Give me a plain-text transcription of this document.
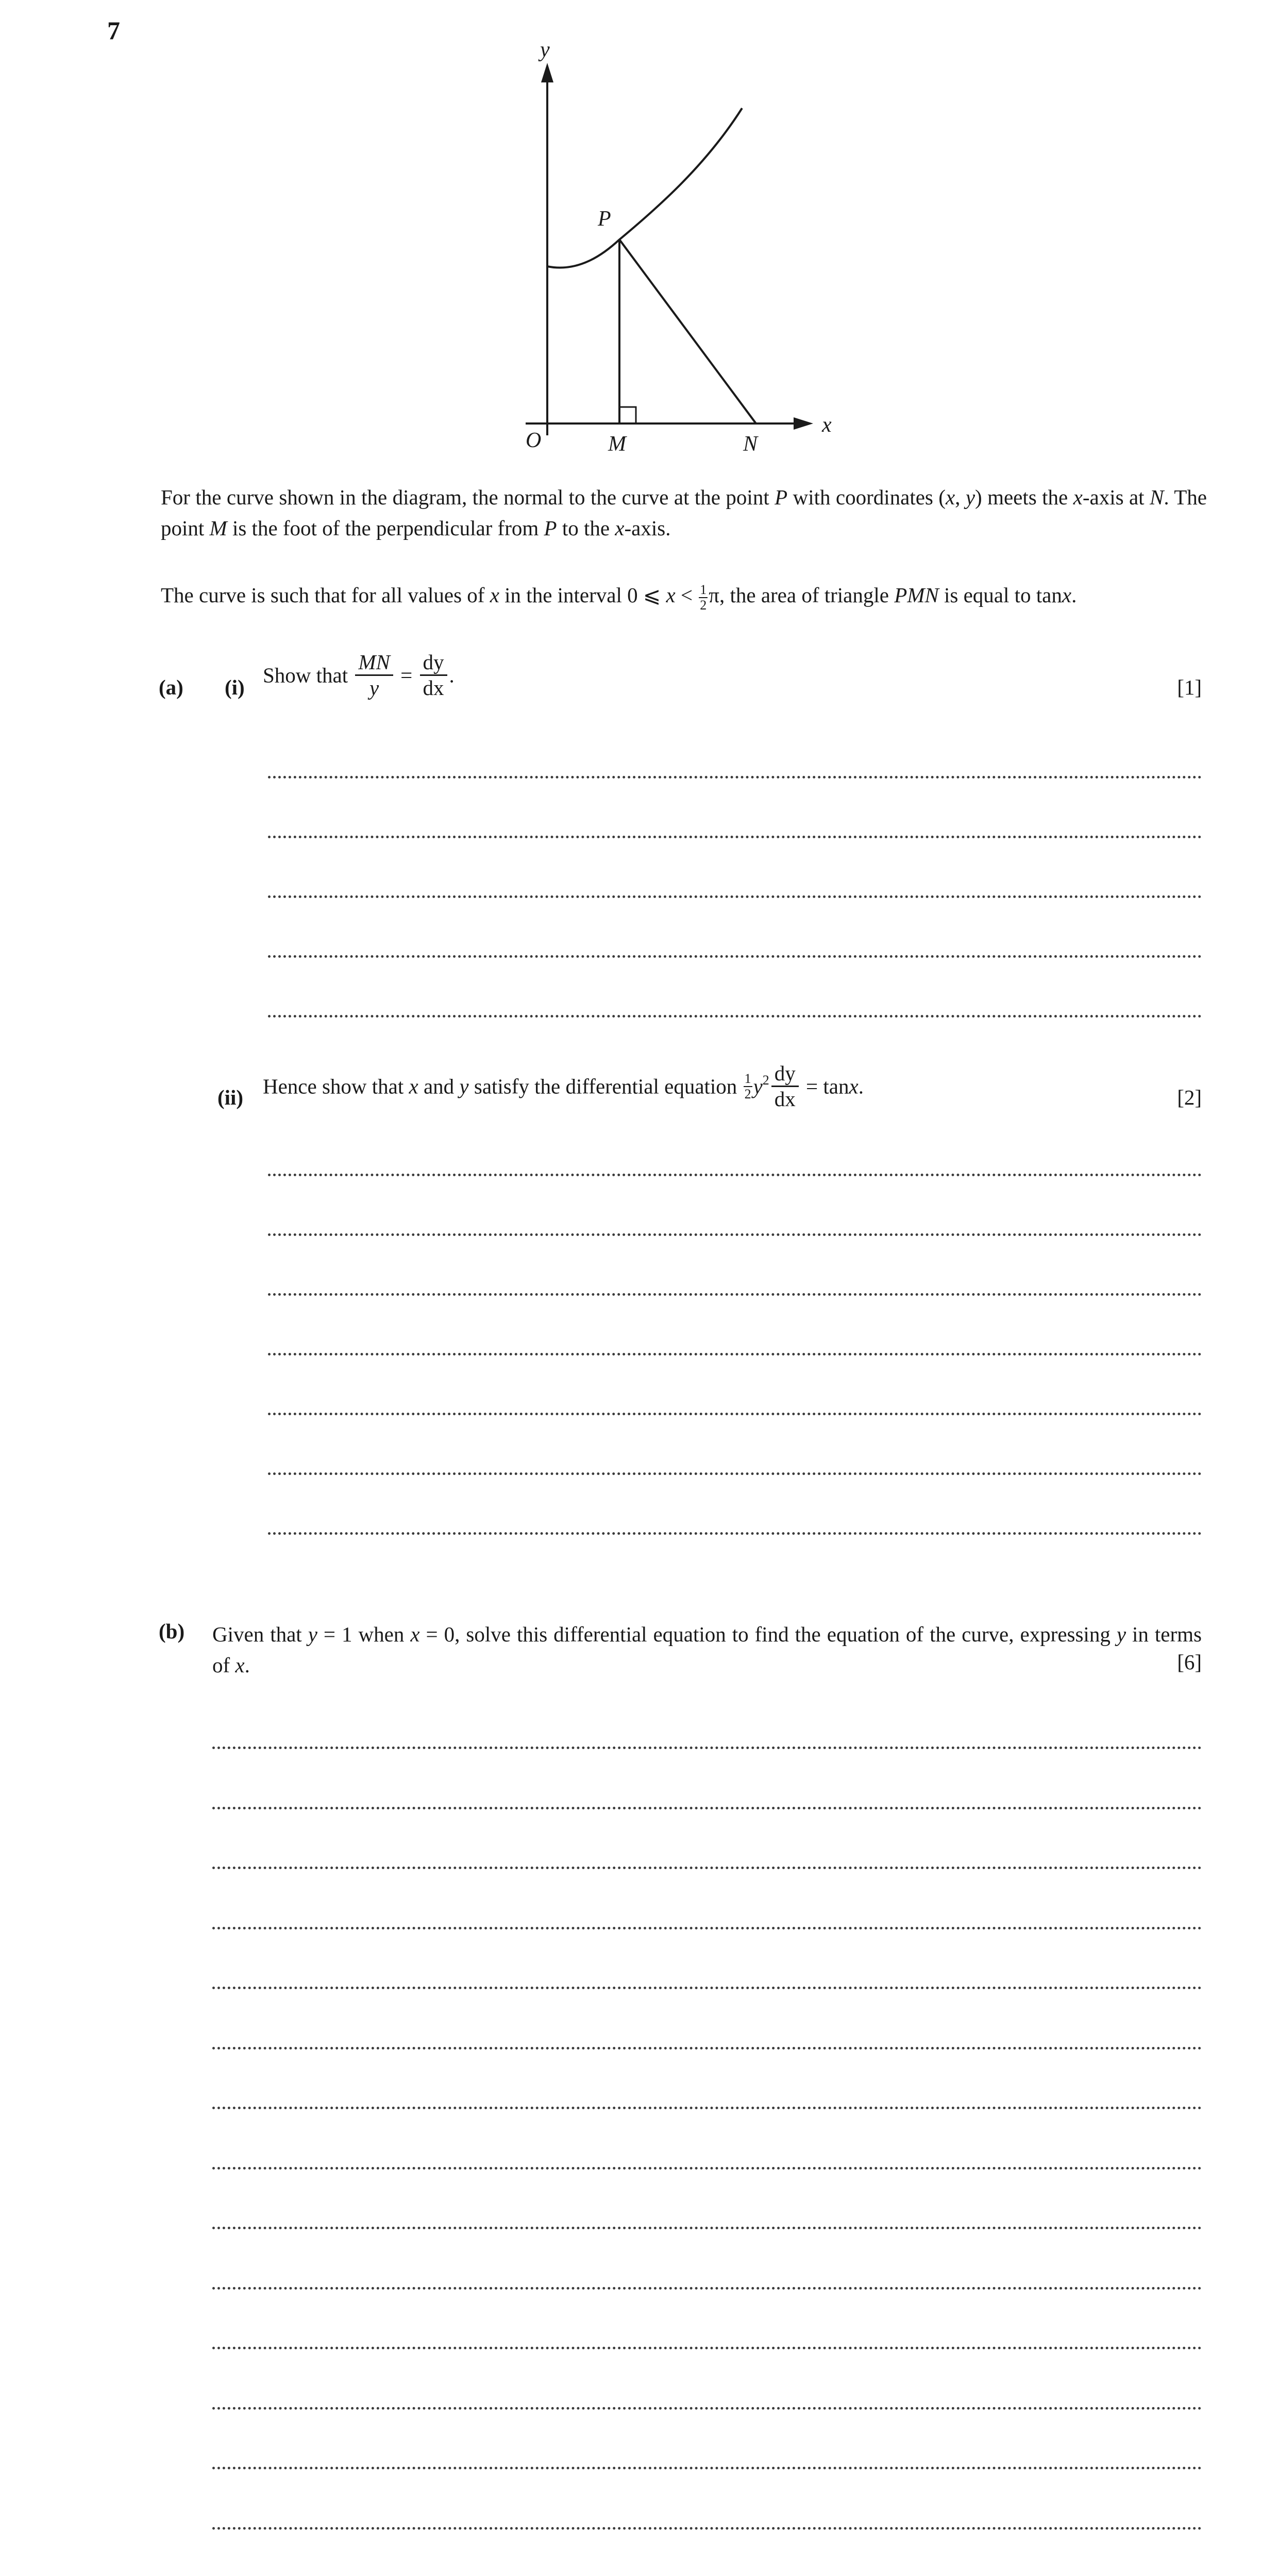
7
y
x
O	M	N
P
For the curve shown in the diagram, the normal to the curve at the point P with coordinates (x, y) meets the x-axis at N. The point M is the foot of the perpendicular from P to the x-axis.
The curve is such that for all values of x in the interval 0 ⩽ $x < \frac{1}{2} \pi$, the area of triangle PMN is equal to tanx.
(a) (i)
Show that $\frac{MN}{y} = \frac{dy}{dx}$ .
[1]
(ii) Hence show that x and y satisfy the differential equation $\frac{1}{2} y^2 \frac{dy}{dx} = \tan x$.	[2]
(b) Given that y = 1 when x = 0, solve this differential equation to find the equation of the curve, expressing y in terms of x.	[6]
